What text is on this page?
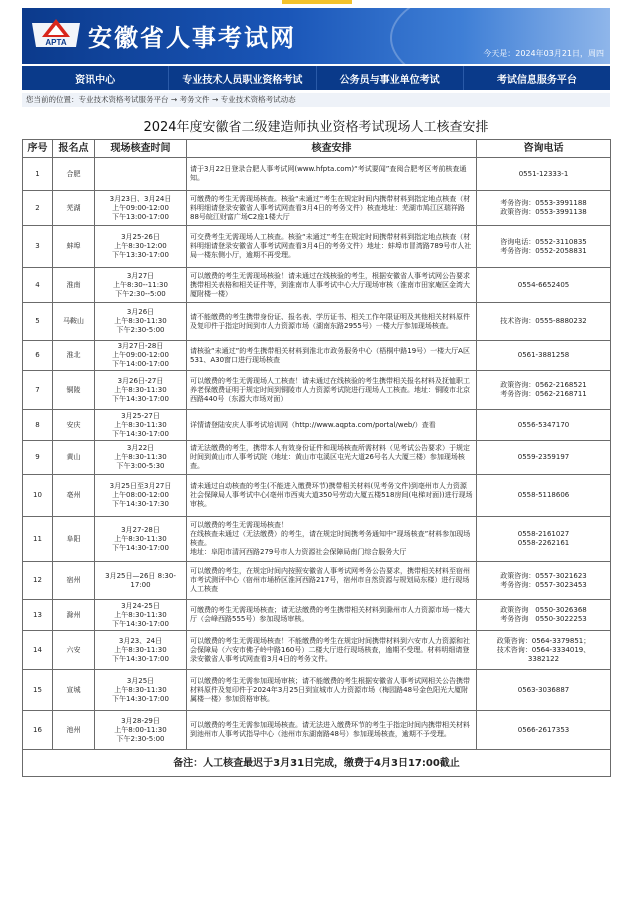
APTA 安徽省人事考试网
今天是：2024年03月21日，周四
资讯中心	专业技术人员职业资格考试	公务员与事业单位考试	考试信息服务平台
您当前的位置：专业技术资格考试服务平台 → 考务文件 → 专业技术资格考试动态
2024年度安徽省二级建造师执业资格考试现场人工核查安排
序号	报名点	现场核查时间	核查安排	咨询电话
1	合肥		请于3月22日登录合肥人事考试网(www.hfpta.com)“考试要闻”查阅合肥考区考前核查通知。	0551-12333-1
2	芜湖	3月23日、3月24日
上午09:00-12:00
下午13:00-17:00	可缴费的考生无需现场核查。核验“未通过”考生在规定时间内携带材料到指定地点核查（材料明细请登录安徽省人事考试网查看3月4日的考务文件）核查地址：芜湖市鸠江区瑞祥路88号皖江财富广场C2座1楼大厅	考务咨询：0553-3991188
政策咨询：0553-3991138
3	蚌埠	3月25-26日
上午8:30-12:00
下午13:30-17:00	可交费考生无需现场人工核查。核验“未通过”考生在规定时间携带材料到指定地点核查（材料明细请登录安徽省人事考试网查看3月4日的考务文件）地址：蚌埠市冒湾路789号市人社局一楼东侧小厅，逾期不再受理。	咨询电话：0552-3110835
考务咨询：0552-2058831
4	淮南	3月27日
上午8:30--11:30
下午2:30--5:00	可以缴费的考生无需现场核验！请未通过在线核验的考生，根据安徽省人事考试网公告要求携带相关表格和相关证件等，到淮南市人事考试中心大厅现场审核（淮南市田家庵区金湾大厦附楼一楼）	0554-6652405
5	马鞍山	3月26日
上午8:30-11:30
下午2:30-5:00	请不能缴费的考生携带身份证、报名表、学历证书、相关工作年限证明及其他相关材料原件及复印件于指定时间到市人力资源市场（湖南东路2955号）一楼大厅参加现场核查。	技术咨询：0555-8880232
6	淮北	3月27日-28日
上午09:00-12:00
下午14:00-17:00	请核验“未通过”的考生携带相关材料到淮北市政务服务中心（梧桐中路19号）一楼大厅A区531、A30窗口进行现场核查	0561-3881258
7	铜陵	3月26日-27日
上午8:30-11:30
下午14:30-17:00	可以缴费的考生无需现场人工核查！请未通过在线核验的考生携带相关报名材料及抚恤职工养老保缴费证明于规定时间到铜陵市人力资源考试院进行现场人工核查。地址：铜陵市北京西路440号（东源大市场对面）	政策咨询：0562-2168521
考务咨询：0562-2168711
8	安庆	3月25-27日
上午8:30-11:30
下午14:30-17:00	详情请登陆安庆人事考试培训网（http://www.aqpta.com/portal/web/）查看	0556-5347170
9	黄山	3月22日
上午8:30-11:30
下午3:00-5:30	请无法缴费的考生，携带本人有效身份证件和现场核查所需材料（见考试公告要求）于规定时间到黄山市人事考试院（地址：黄山市屯溪区屯光大道26号名人大厦三楼）参加现场核查。	0559-2359197
10	亳州	3月25日至3月27日
上午08:00-12:00
下午14:30-17:30	请未通过自动核查的考生(不能进入缴费环节)携带相关材料(见考务文件)到亳州市人力资源社会保障局人事考试中心(亳州市西夷大道350号劳动大厦五楼518房间(电梯对面))进行现场审核。	0558-5118606
11	阜阳	3月27-28日
上午8:30-11:30
下午14:30-17:00	可以缴费的考生无需现场核查！
在线核查未通过（无法缴费）的考生，请在规定时间携考务通知中“现场核查”材料参加现场核查。
地址：阜阳市清河西路279号市人力资源社会保障局南门综合服务大厅	0558-2161027
0558-2262161
12	宿州	3月25日—26日 8:30-17:00	可以缴费的考生，在规定时间内按照安徽省人事考试网考务公告要求，携带相关材料至宿州市考试测评中心（宿州市埇桥区淮河西路217号，宿州市自然资源与规划局东楼）进行现场人工核查	政策咨询：0557-3021623
考务咨询：0557-3023453
13	滁州	3月24-25日
上午8:30-11:30
下午14:30-17:00	可缴费的考生无需现场核查；请无法缴费的考生携带相关材料到滁州市人力资源市场一楼大厅（会峰西路555号）参加现场审核。	政策咨询　0550-3026368
考务咨询　0550-3022253
14	六安	3月23、24日
上午8:30-11:30
下午14:30-17:00	可以缴费的考生无需现场核查！不能缴费的考生在规定时间携带材料到六安市人力资源和社会保障局（六安市佛子岭中路160号）二楼大厅进行现场核查，逾期不受理。材料明细请登录安徽省人事考试网查看3月4日的考务文件。	政策咨询：0564-3379851；
技术咨询：0564-3334019、
3382122
15	宣城	3月25日
上午8:30-11:30
下午14:30-17:00	可以缴费的考生无需参加现场审核；请不能缴费的考生根据安徽省人事考试网相关公告携带材料原件及复印件于2024年3月25日到宣城市人力资源市场（梅园路48号金色阳光大厦附属楼一楼）参加资格审核。	0563-3036887
16	池州	3月28-29日
上午8:00-11:30
下午2:30-5:00	可以缴费的考生无需参加现场核查。请无法进入缴费环节的考生于指定时间内携带相关材料到池州市人事考试指导中心（池州市东湖南路48号）参加现场核查，逾期不予受理。	0566-2617353
备注：人工核查最迟于3月31日完成，缴费于4月3日17:00截止				
